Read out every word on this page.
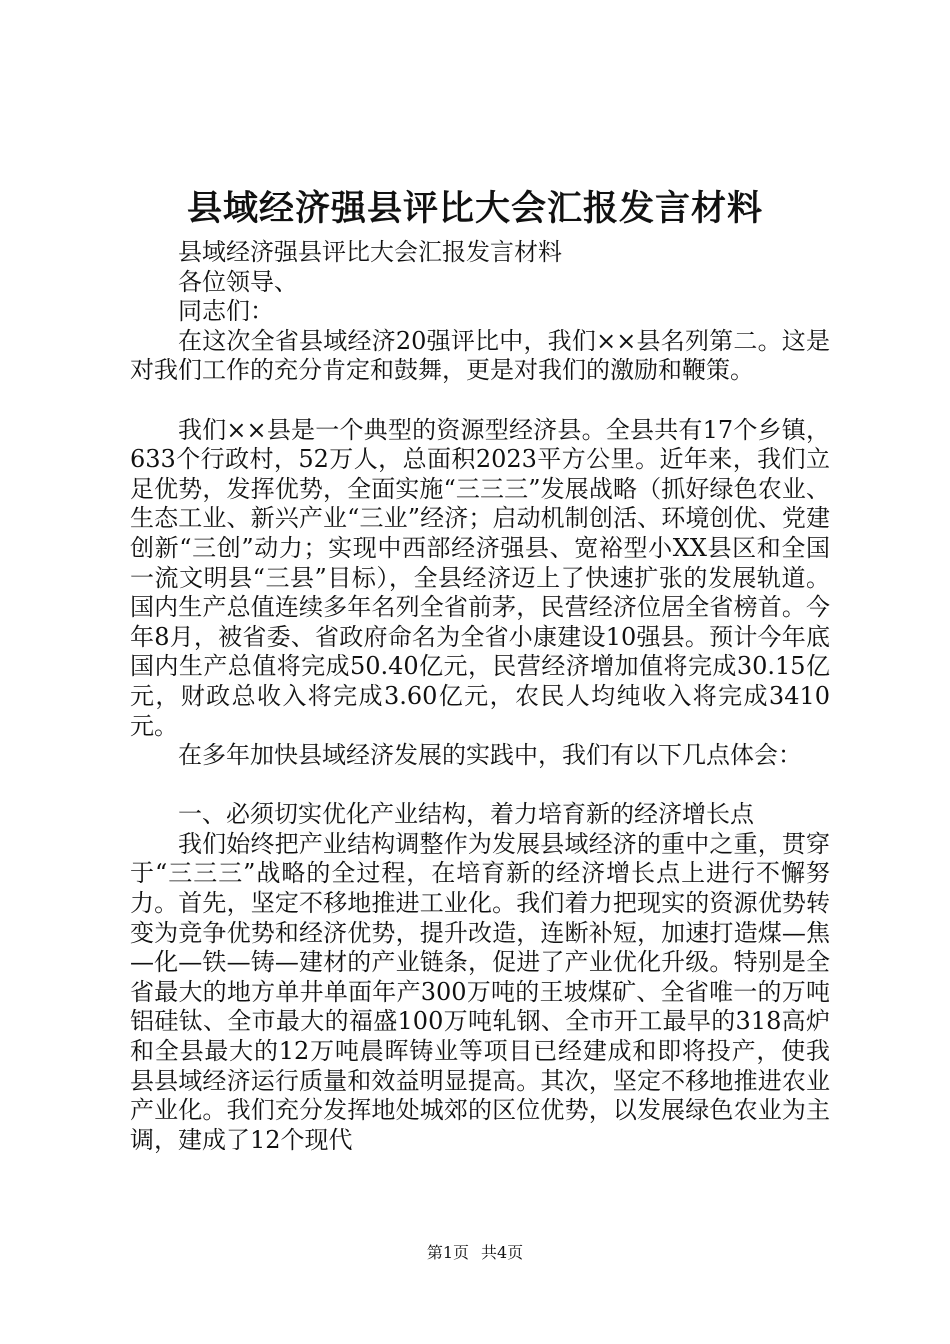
县域经济强县评比大会汇报发言材料

县域经济强县评比大会汇报发言材料

各位领导、

同志们：

在这次全省县域经济20强评比中，我们××县名列第二。这是对我们工作的充分肯定和鼓舞，更是对我们的激励和鞭策。

我们××县是一个典型的资源型经济县。全县共有17个乡镇，633个行政村，52万人，总面积2023平方公里。近年来，我们立足优势，发挥优势，全面实施“三三三”发展战略（抓好绿色农业、生态工业、新兴产业“三业”经济；启动机制创活、环境创优、党建创新“三创”动力；实现中西部经济强县、宽裕型小XX县区和全国一流文明县“三县”目标），全县经济迈上了快速扩张的发展轨道。国内生产总值连续多年名列全省前茅，民营经济位居全省榜首。今年8月，被省委、省政府命名为全省小康建设10强县。预计今年底国内生产总值将完成50.40亿元，民营经济增加值将完成30.15亿元，财政总收入将完成3.60亿元，农民人均纯收入将完成3410元。

在多年加快县域经济发展的实践中，我们有以下几点体会：

一、必须切实优化产业结构，着力培育新的经济增长点

我们始终把产业结构调整作为发展县域经济的重中之重，贯穿于“三三三”战略的全过程，在培育新的经济增长点上进行不懈努力。首先，坚定不移地推进工业化。我们着力把现实的资源优势转变为竞争优势和经济优势，提升改造，连断补短，加速打造煤—焦—化—铁—铸—建材的产业链条，促进了产业优化升级。特别是全省最大的地方单井单面年产300万吨的王坡煤矿、全省唯一的万吨铝硅钛、全市最大的福盛100万吨轧钢、全市开工最早的318高炉和全县最大的12万吨晨晖铸业等项目已经建成和即将投产，使我县县域经济运行质量和效益明显提高。其次，坚定不移地推进农业产业化。我们充分发挥地处城郊的区位优势，以发展绿色农业为主调，建成了12个现代

第1页 共4页
